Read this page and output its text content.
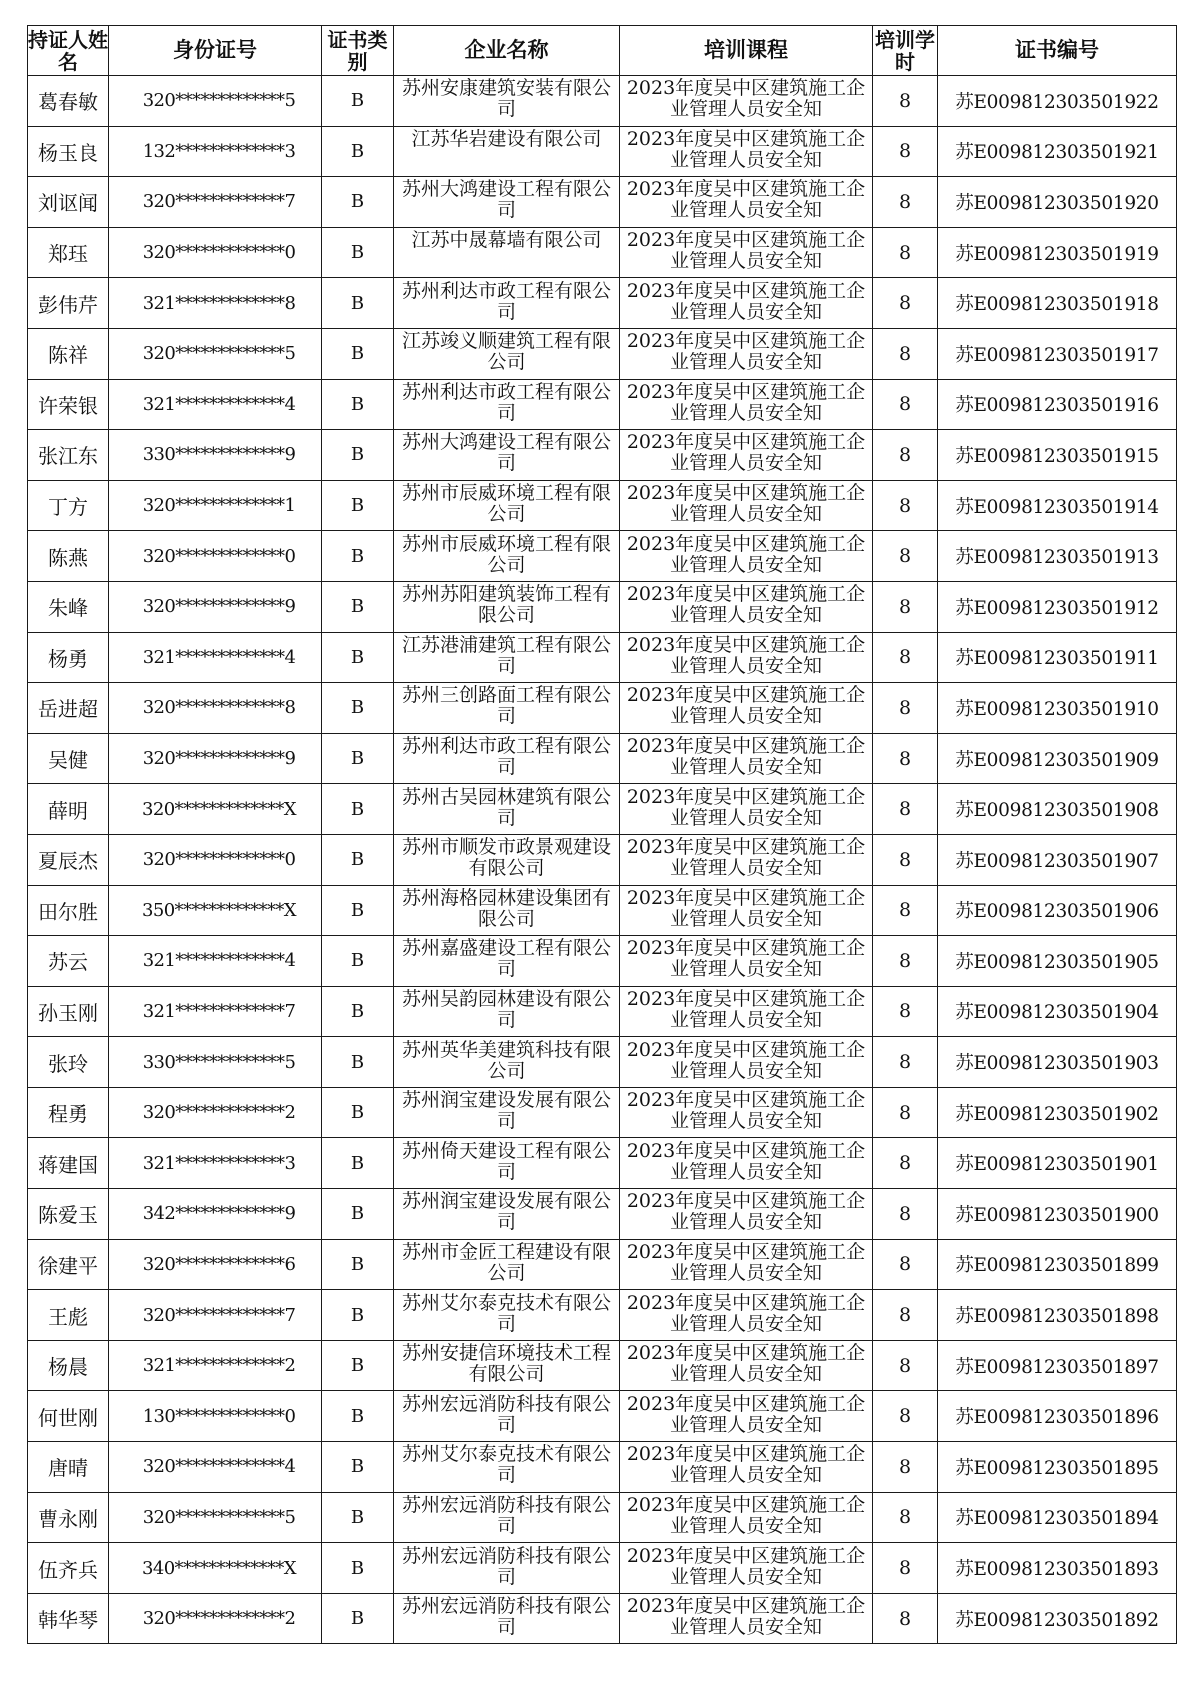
持证人姓名	身份证号	证书类别	企业名称	培训课程	培训学时	证书编号
葛春敏	320*************5	B	苏州安康建筑安装有限公司	2023年度吴中区建筑施工企业管理人员安全知	8	苏E009812303501922
杨玉良	132*************3	B	江苏华岩建设有限公司	2023年度吴中区建筑施工企业管理人员安全知	8	苏E009812303501921
刘讴闻	320*************7	B	苏州大鸿建设工程有限公司	2023年度吴中区建筑施工企业管理人员安全知	8	苏E009812303501920
郑珏	320*************0	B	江苏中晟幕墙有限公司	2023年度吴中区建筑施工企业管理人员安全知	8	苏E009812303501919
彭伟芹	321*************8	B	苏州利达市政工程有限公司	2023年度吴中区建筑施工企业管理人员安全知	8	苏E009812303501918
陈祥	320*************5	B	江苏竣义顺建筑工程有限公司	2023年度吴中区建筑施工企业管理人员安全知	8	苏E009812303501917
许荣银	321*************4	B	苏州利达市政工程有限公司	2023年度吴中区建筑施工企业管理人员安全知	8	苏E009812303501916
张江东	330*************9	B	苏州大鸿建设工程有限公司	2023年度吴中区建筑施工企业管理人员安全知	8	苏E009812303501915
丁方	320*************1	B	苏州市辰威环境工程有限公司	2023年度吴中区建筑施工企业管理人员安全知	8	苏E009812303501914
陈燕	320*************0	B	苏州市辰威环境工程有限公司	2023年度吴中区建筑施工企业管理人员安全知	8	苏E009812303501913
朱峰	320*************9	B	苏州苏阳建筑装饰工程有限公司	2023年度吴中区建筑施工企业管理人员安全知	8	苏E009812303501912
杨勇	321*************4	B	江苏港浦建筑工程有限公司	2023年度吴中区建筑施工企业管理人员安全知	8	苏E009812303501911
岳进超	320*************8	B	苏州三创路面工程有限公司	2023年度吴中区建筑施工企业管理人员安全知	8	苏E009812303501910
吴健	320*************9	B	苏州利达市政工程有限公司	2023年度吴中区建筑施工企业管理人员安全知	8	苏E009812303501909
薛明	320*************X	B	苏州古吴园林建筑有限公司	2023年度吴中区建筑施工企业管理人员安全知	8	苏E009812303501908
夏辰杰	320*************0	B	苏州市顺发市政景观建设有限公司	2023年度吴中区建筑施工企业管理人员安全知	8	苏E009812303501907
田尔胜	350*************X	B	苏州海格园林建设集团有限公司	2023年度吴中区建筑施工企业管理人员安全知	8	苏E009812303501906
苏云	321*************4	B	苏州嘉盛建设工程有限公司	2023年度吴中区建筑施工企业管理人员安全知	8	苏E009812303501905
孙玉刚	321*************7	B	苏州吴韵园林建设有限公司	2023年度吴中区建筑施工企业管理人员安全知	8	苏E009812303501904
张玲	330*************5	B	苏州英华美建筑科技有限公司	2023年度吴中区建筑施工企业管理人员安全知	8	苏E009812303501903
程勇	320*************2	B	苏州润宝建设发展有限公司	2023年度吴中区建筑施工企业管理人员安全知	8	苏E009812303501902
蒋建国	321*************3	B	苏州倚天建设工程有限公司	2023年度吴中区建筑施工企业管理人员安全知	8	苏E009812303501901
陈爱玉	342*************9	B	苏州润宝建设发展有限公司	2023年度吴中区建筑施工企业管理人员安全知	8	苏E009812303501900
徐建平	320*************6	B	苏州市金匠工程建设有限公司	2023年度吴中区建筑施工企业管理人员安全知	8	苏E009812303501899
王彪	320*************7	B	苏州艾尔泰克技术有限公司	2023年度吴中区建筑施工企业管理人员安全知	8	苏E009812303501898
杨晨	321*************2	B	苏州安捷信环境技术工程有限公司	2023年度吴中区建筑施工企业管理人员安全知	8	苏E009812303501897
何世刚	130*************0	B	苏州宏远消防科技有限公司	2023年度吴中区建筑施工企业管理人员安全知	8	苏E009812303501896
唐晴	320*************4	B	苏州艾尔泰克技术有限公司	2023年度吴中区建筑施工企业管理人员安全知	8	苏E009812303501895
曹永刚	320*************5	B	苏州宏远消防科技有限公司	2023年度吴中区建筑施工企业管理人员安全知	8	苏E009812303501894
伍齐兵	340*************X	B	苏州宏远消防科技有限公司	2023年度吴中区建筑施工企业管理人员安全知	8	苏E009812303501893
韩华琴	320*************2	B	苏州宏远消防科技有限公司	2023年度吴中区建筑施工企业管理人员安全知	8	苏E009812303501892
